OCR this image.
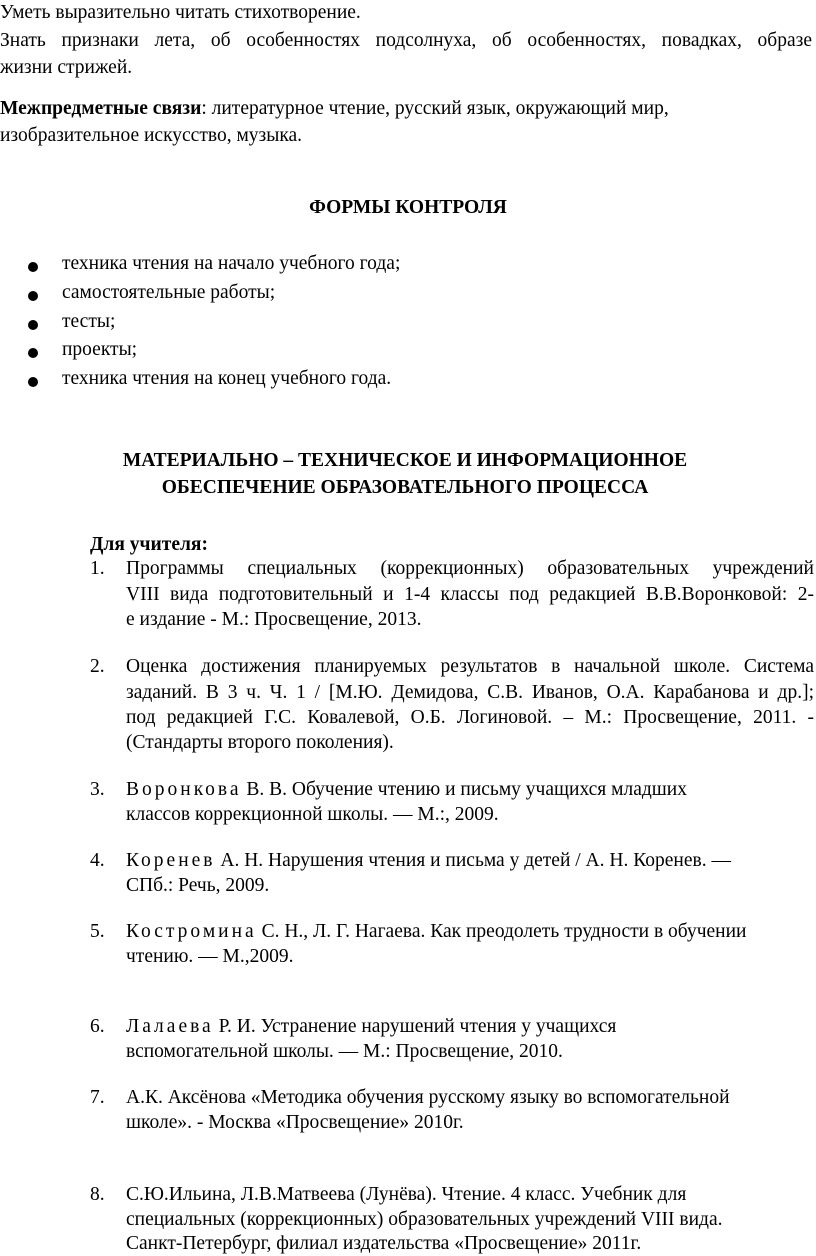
Уметь выразительно читать стихотворение.
Знать признаки лета, об особенностях подсолнуха, об особенностях, повадках, образе
жизни стрижей.
Межпредметные связи: литературное чтение, русский язык, окружающий мир,
изобразительное искусство, музыка.
ФОРМЫ КОНТРОЛЯ
техника чтения на начало учебного года;
самостоятельные работы;
тесты;
проекты;
техника чтения на конец учебного года.
МАТЕРИАЛЬНО – ТЕХНИЧЕСКОЕ И ИНФОРМАЦИОННОЕ
ОБЕСПЕЧЕНИЕ ОБРАЗОВАТЕЛЬНОГО ПРОЦЕССА
Для учителя:
1. Программы специальных (коррекционных) образовательных учреждений
VIII вида подготовительный и 1-4 классы под редакцией В.В.Воронковой: 2-
е издание - М.: Просвещение, 2013.
2. Оценка достижения планируемых результатов в начальной школе. Система
заданий. В 3 ч. Ч. 1 / [М.Ю. Демидова, С.В. Иванов, О.А. Карабанова и др.];
под редакцией Г.С. Ковалевой, О.Б. Логиновой. – М.: Просвещение, 2011. -
(Стандарты второго поколения).
3. Воронкова В. В. Обучение чтению и письму учащихся младших
классов коррекционной школы. — М.:, 2009.
4. Коренев А. Н. Нарушения чтения и письма у детей / А. Н. Коренев. —
СПб.: Речь, 2009.
5. Костромина С. Н., Л. Г. Нагаева. Как преодолеть трудности в обучении
чтению. — М.,2009.
6. Лалаева Р. И. Устранение нарушений чтения у учащихся
вспомогательной школы. — М.: Просвещение, 2010.
7. А.К. Аксёнова «Методика обучения русскому языку во вспомогательной
школе». - Москва «Просвещение» 2010г.
8. С.Ю.Ильина, Л.В.Матвеева (Лунёва). Чтение. 4 класс. Учебник для
специальных (коррекционных) образовательных учреждений VIII вида.
Санкт-Петербург, филиал издательства «Просвещение» 2011г.
